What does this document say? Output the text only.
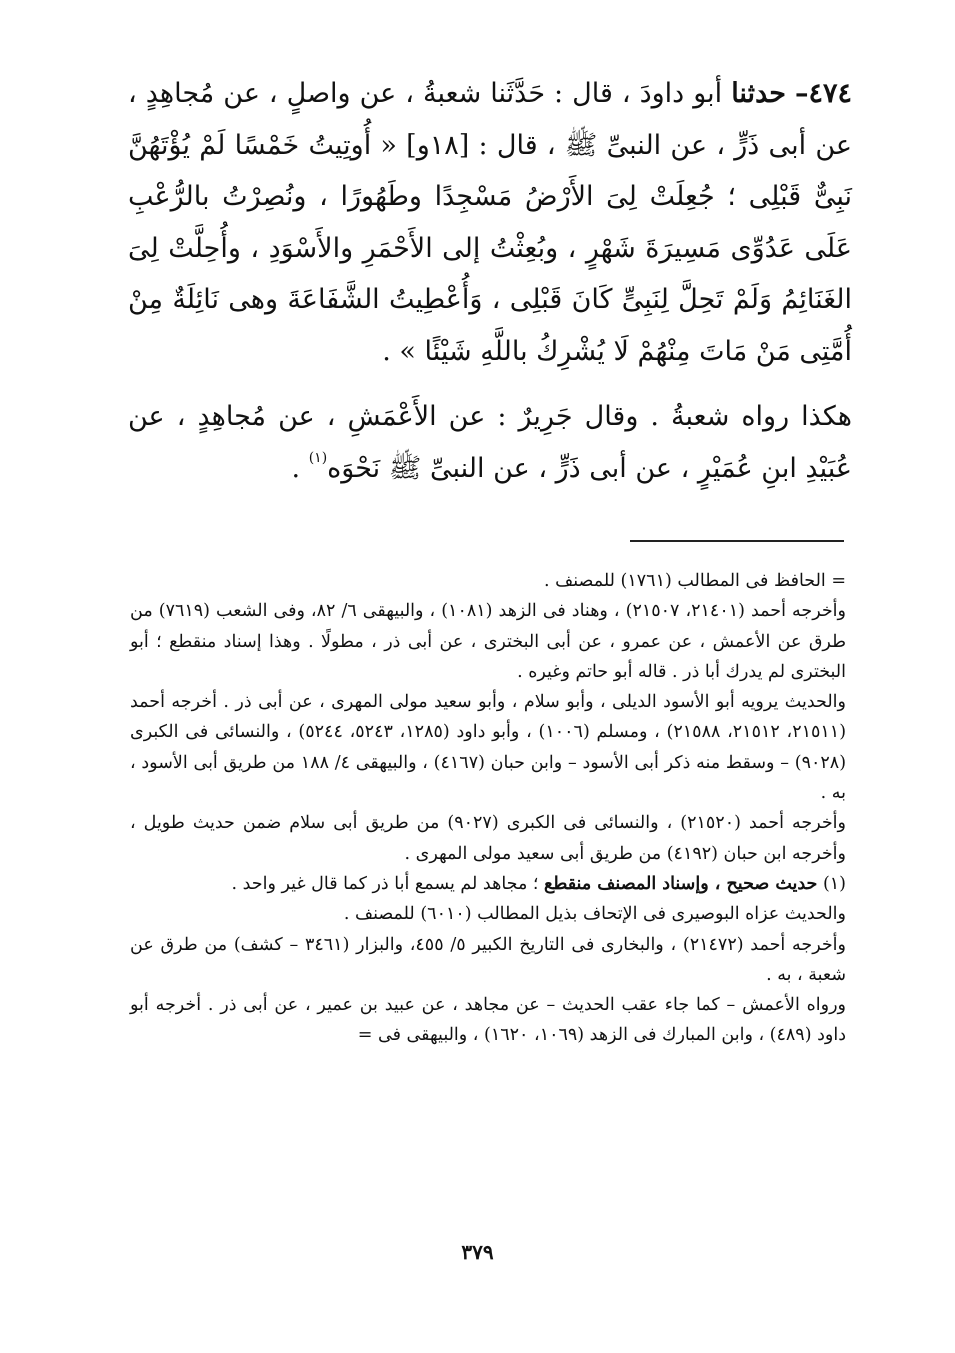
٤٧٤– حدثنا أبو داودَ ، قال : حَدَّثَنا شعبةُ ، عن واصلٍ ، عن مُجاهِدٍ ، عن أبى ذَرٍّ ، عن النبىِّ ﷺ ، قال : [١٨و] « أُوتِيتُ خَمْسًا لَمْ يُؤْتَهُنَّ نَبِىٌّ قَبْلِى ؛ جُعِلَتْ لِىَ الأَرْضُ مَسْجِدًا وطَهُورًا ، ونُصِرْتُ بالرُّعْبِ عَلَى عَدُوِّى مَسِيرَةَ شَهْرٍ ، وبُعِثْتُ إلى الأَحْمَرِ والأَسْوَدِ ، وأُحِلَّتْ لِىَ الغَنَائِمُ وَلَمْ تَحِلَّ لِنَبِىٍّ كَانَ قَبْلِى ، وَأُعْطِيتُ الشَّفَاعَةَ وهى نَائِلَةٌ مِنْ أُمَّتِى مَنْ مَاتَ مِنْهُمْ لَا يُشْرِكُ باللَّهِ شَيْئًا » .

هكذا رواه شعبةُ . وقال جَرِيرٌ : عن الأَعْمَشِ ، عن مُجاهِدٍ ، عن عُبَيْدِ ابنِ عُمَيْرٍ ، عن أبى ذَرٍّ ، عن النبىِّ ﷺ نَحْوَه$^{(١)}$ .

= الحافظ فى المطالب (١٧٦١) للمصنف .

وأخرجه أحمد (٢١٤٠١، ٢١٥٠٧) ، وهناد فى الزهد (١٠٨١) ، والبيهقى ٦/ ٨٢، وفى الشعب (٧٦١٩) من طرق عن الأعمش ، عن عمرو ، عن أبى البخترى ، عن أبى ذر ، مطولًا . وهذا إسناد منقطع ؛ أبو البخترى لم يدرك أبا ذر . قاله أبو حاتم وغيره .

والحديث يرويه أبو الأسود الديلى ، وأبو سلام ، وأبو سعيد مولى المهرى ، عن أبى ذر . أخرجه أحمد (٢١٥١١، ٢١٥١٢، ٢١٥٨٨) ، ومسلم (١٠٠٦) ، وأبو داود (١٢٨٥، ٥٢٤٣، ٥٢٤٤) ، والنسائى فى الكبرى (٩٠٢٨) – وسقط منه ذكر أبى الأسود – وابن حبان (٤١٦٧) ، والبيهقى ٤/ ١٨٨ من طريق أبى الأسود ، به .

وأخرجه أحمد (٢١٥٢٠) ، والنسائى فى الكبرى (٩٠٢٧) من طريق أبى سلام ضمن حديث طويل ، وأخرجه ابن حبان (٤١٩٢) من طريق أبى سعيد مولى المهرى .

(١) حديث صحيح ، وإسناد المصنف منقطع ؛ مجاهد لم يسمع أبا ذر كما قال غير واحد .

والحديث عزاه البوصيرى فى الإتحاف بذيل المطالب (٦٠١٠) للمصنف .

وأخرجه أحمد (٢١٤٧٢) ، والبخارى فى التاريخ الكبير ٥/ ٤٥٥، والبزار (٣٤٦١ – كشف) من طرق عن شعبة ، به .

ورواه الأعمش – كما جاء عقب الحديث – عن مجاهد ، عن عبيد بن عمير ، عن أبى ذر . أخرجه أبو داود (٤٨٩) ، وابن المبارك فى الزهد (١٠٦٩، ١٦٢٠) ، والبيهقى فى =

٣٧٩
